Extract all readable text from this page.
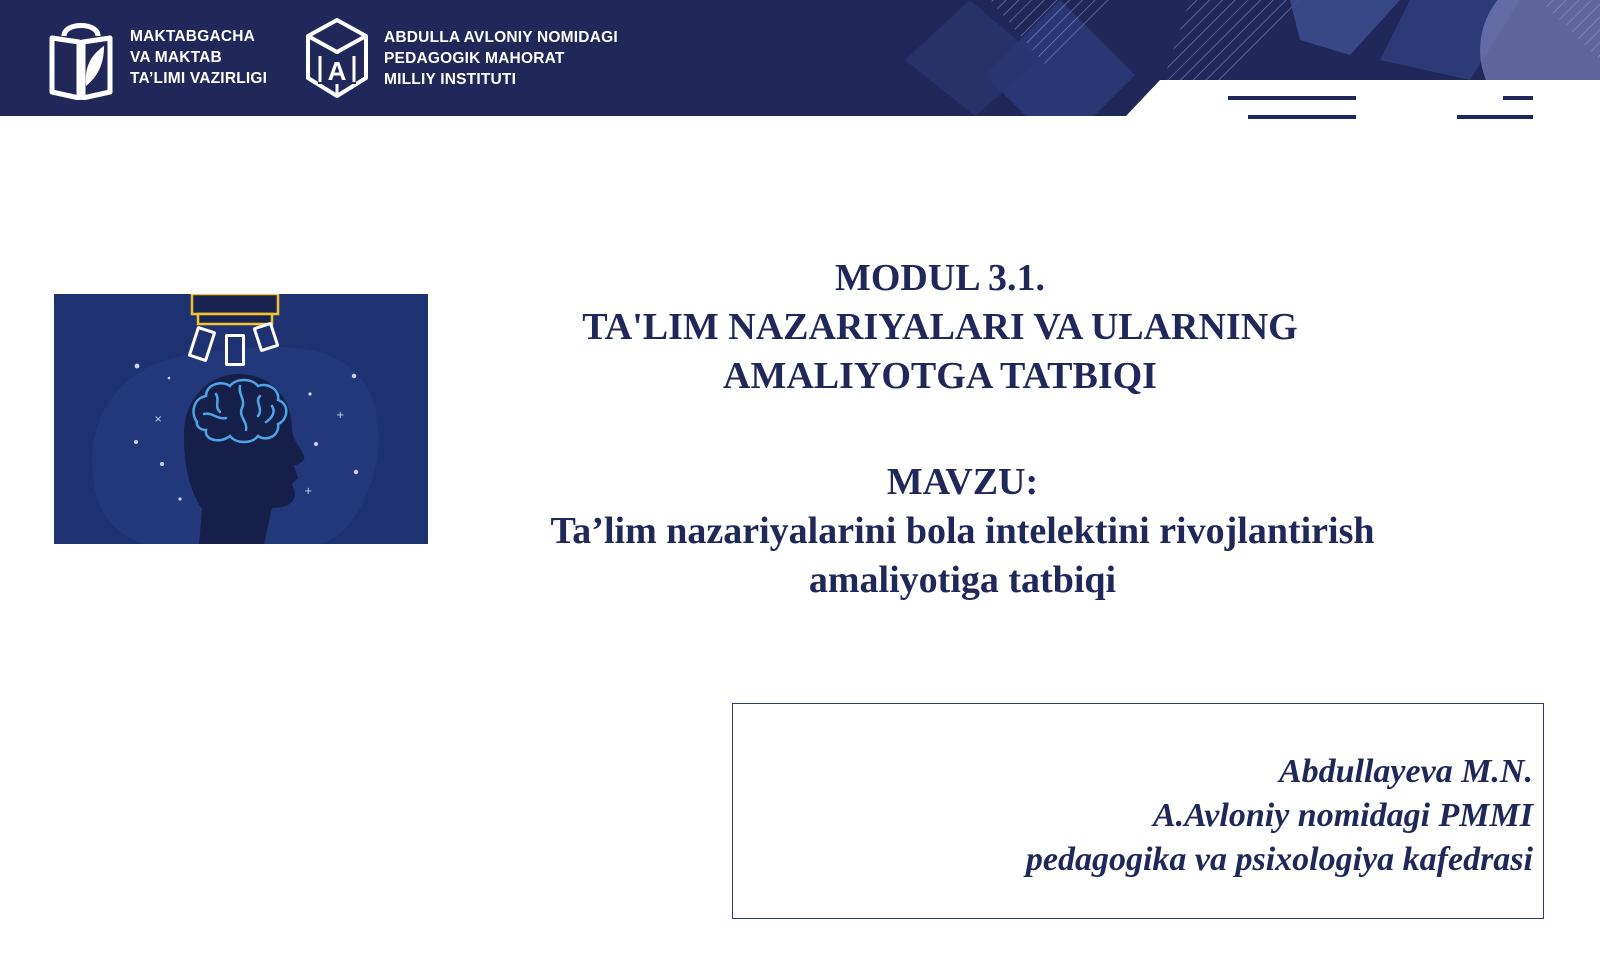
MAKTABGACHA
VA MAKTAB
TA’LIMI VAZIRLIGI A
ABDULLA AVLONIY NOMIDAGI
PEDAGOGIK MAHORAT
MILLIY INSTITUTI
×	+
+
MODUL 3.1.
TA'LIM NAZARIYALARI VA ULARNING
AMALIYOTGA TATBIQI
MAVZU:
Ta’lim nazariyalarini bola intelektini rivojlantirish
amaliyotiga tatbiqi
Abdullayeva M.N.
A.Avloniy nomidagi PMMI
pedagogika va psixologiya kafedrasi
